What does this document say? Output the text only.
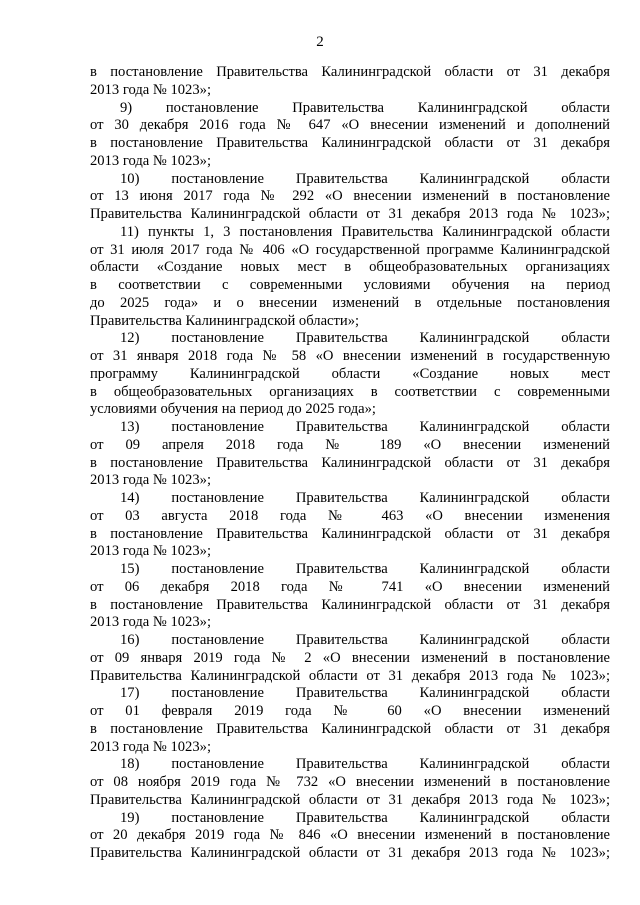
2
в постановление Правительства Калининградской области от 31 декабря
2013 года № 1023»;
9) постановление Правительства Калининградской области
от 30 декабря 2016 года № 647 «О внесении изменений и дополнений
в постановление Правительства Калининградской области от 31 декабря
2013 года № 1023»;
10) постановление Правительства Калининградской области
от 13 июня 2017 года № 292 «О внесении изменений в постановление
Правительства Калининградской области от 31 декабря 2013 года № 1023»;
11) пункты 1, 3 постановления Правительства Калининградской области
от 31 июля 2017 года № 406 «О государственной программе Калининградской
области «Создание новых мест в общеобразовательных организациях
в соответствии с современными условиями обучения на период
до 2025 года» и о внесении изменений в отдельные постановления
Правительства Калининградской области»;
12) постановление Правительства Калининградской области
от 31 января 2018 года № 58 «О внесении изменений в государственную
программу Калининградской области «Создание новых мест
в общеобразовательных организациях в соответствии с современными
условиями обучения на период до 2025 года»;
13) постановление Правительства Калининградской области
от 09 апреля 2018 года № 189 «О внесении изменений
в постановление Правительства Калининградской области от 31 декабря
2013 года № 1023»;
14) постановление Правительства Калининградской области
от 03 августа 2018 года № 463 «О внесении изменения
в постановление Правительства Калининградской области от 31 декабря
2013 года № 1023»;
15) постановление Правительства Калининградской области
от 06 декабря 2018 года № 741 «О внесении изменений
в постановление Правительства Калининградской области от 31 декабря
2013 года № 1023»;
16) постановление Правительства Калининградской области
от 09 января 2019 года № 2 «О внесении изменений в постановление
Правительства Калининградской области от 31 декабря 2013 года № 1023»;
17) постановление Правительства Калининградской области
от 01 февраля 2019 года № 60 «О внесении изменений
в постановление Правительства Калининградской области от 31 декабря
2013 года № 1023»;
18) постановление Правительства Калининградской области
от 08 ноября 2019 года № 732 «О внесении изменений в постановление
Правительства Калининградской области от 31 декабря 2013 года № 1023»;
19) постановление Правительства Калининградской области
от 20 декабря 2019 года № 846 «О внесении изменений в постановление
Правительства Калининградской области от 31 декабря 2013 года № 1023»;
